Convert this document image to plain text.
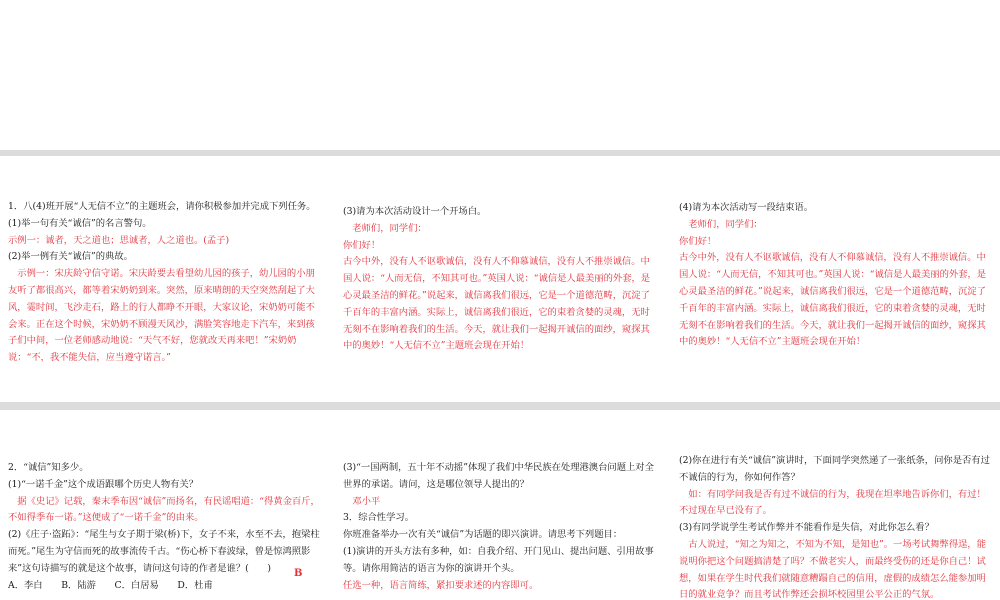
1．八(4)班开展“人无信不立”的主题班会，请你积极参加并完成下列任务。

(1)举一句有关“诚信”的名言警句。

示例一：诚者，天之道也；思诚者，人之道也。(孟子)

(2)举一例有关“诚信”的典故。

示例一：宋庆龄守信守诺。宋庆龄要去看望幼儿园的孩子，幼儿园的小朋友听了都很高兴，都等着宋奶奶到来。突然，原来晴朗的天空突然刮起了大风，霎时间，飞沙走石，路上的行人都睁不开眼，大家议论，宋奶奶可能不会来。正在这个时候，宋奶奶不顾漫天风沙，满脸笑容地走下汽车，来到孩子们中间，一位老师感动地说：“天气不好，您就改天再来吧！”宋奶奶说：“不，我不能失信，应当遵守诺言。”

(3)请为本次活动设计一个开场白。

老师们，同学们：

你们好！

古今中外，没有人不讴歌诚信，没有人不仰慕诚信，没有人不推崇诚信。中国人说：“人而无信，不知其可也。”英国人说：“诚信是人最美丽的外套，是心灵最圣洁的鲜花。”说起来，诚信离我们很远，它是一个道德范畴，沉淀了千百年的丰富内涵。实际上，诚信离我们很近，它的束着贪婪的灵魂，无时无刻不在影响着我们的生活。今天，就让我们一起揭开诚信的面纱，窥探其中的奥妙！“人无信不立”主题班会现在开始！

(4)请为本次活动写一段结束语。

老师们，同学们：

你们好！

古今中外，没有人不讴歌诚信，没有人不仰慕诚信，没有人不推崇诚信。中国人说：“人而无信，不知其可也。”英国人说：“诚信是人最美丽的外套，是心灵最圣洁的鲜花。”说起来，诚信离我们很远，它是一个道德范畴，沉淀了千百年的丰富内涵。实际上，诚信离我们很近，它的束着贪婪的灵魂，无时无刻不在影响着我们的生活。今天，就让我们一起揭开诚信的面纱，窥探其中的奥妙！“人无信不立”主题班会现在开始！

2．“诚信”知多少。

(1)“一诺千金”这个成语跟哪个历史人物有关？

据《史记》记载，秦末季布因“诚信”而扬名，有民谣唱道：“得黄金百斤，不如得季布一诺。”这便成了“一诺千金”的由来。

(2)《庄子·盗跖》：“尾生与女子期于梁(桥)下，女子不来，水至不去，抱梁柱而死。”尾生为守信而死的故事流传千古。“伤心桥下春波绿，曾是惊鸿照影来”这句诗描写的就是这个故事，请问这句诗的作者是谁？(　　)

A．李白　　B．陆游　　C．白居易　　D．杜甫

(3)“一国两制，五十年不动摇”体现了我们中华民族在处理港澳台问题上对全世界的承诺。请问，这是哪位领导人提出的？

邓小平

3．综合性学习。

你班准备举办一次有关“诚信”为话题的即兴演讲。请思考下列题目：

(1)演讲的开头方法有多种，如：自我介绍、开门见山、提出问题、引用故事等。请你用简洁的语言为你的演讲开个头。

任选一种，语言简练，紧扣要求述的内容即可。

(2)你在进行有关“诚信”演讲时，下面同学突然递了一张纸条，问你是否有过不诚信的行为，你如何作答？

如：有同学问我是否有过不诚信的行为，我现在坦率地告诉你们，有过！不过现在早已没有了。

(3)有同学说学生考试作弊并不能看作是失信，对此你怎么看？

古人说过，“知之为知之，不知为不知，是知也”。一场考试舞弊得逞，能说明你把这个问题搞清楚了吗？不做老实人，而最终受伤的还是你自己！试想，如果在学生时代我们就随意糟蹋自己的信用，虚假的成绩怎么能参加明日的就业竞争？而且考试作弊还会损坏校园里公平公正的气氛。

B
